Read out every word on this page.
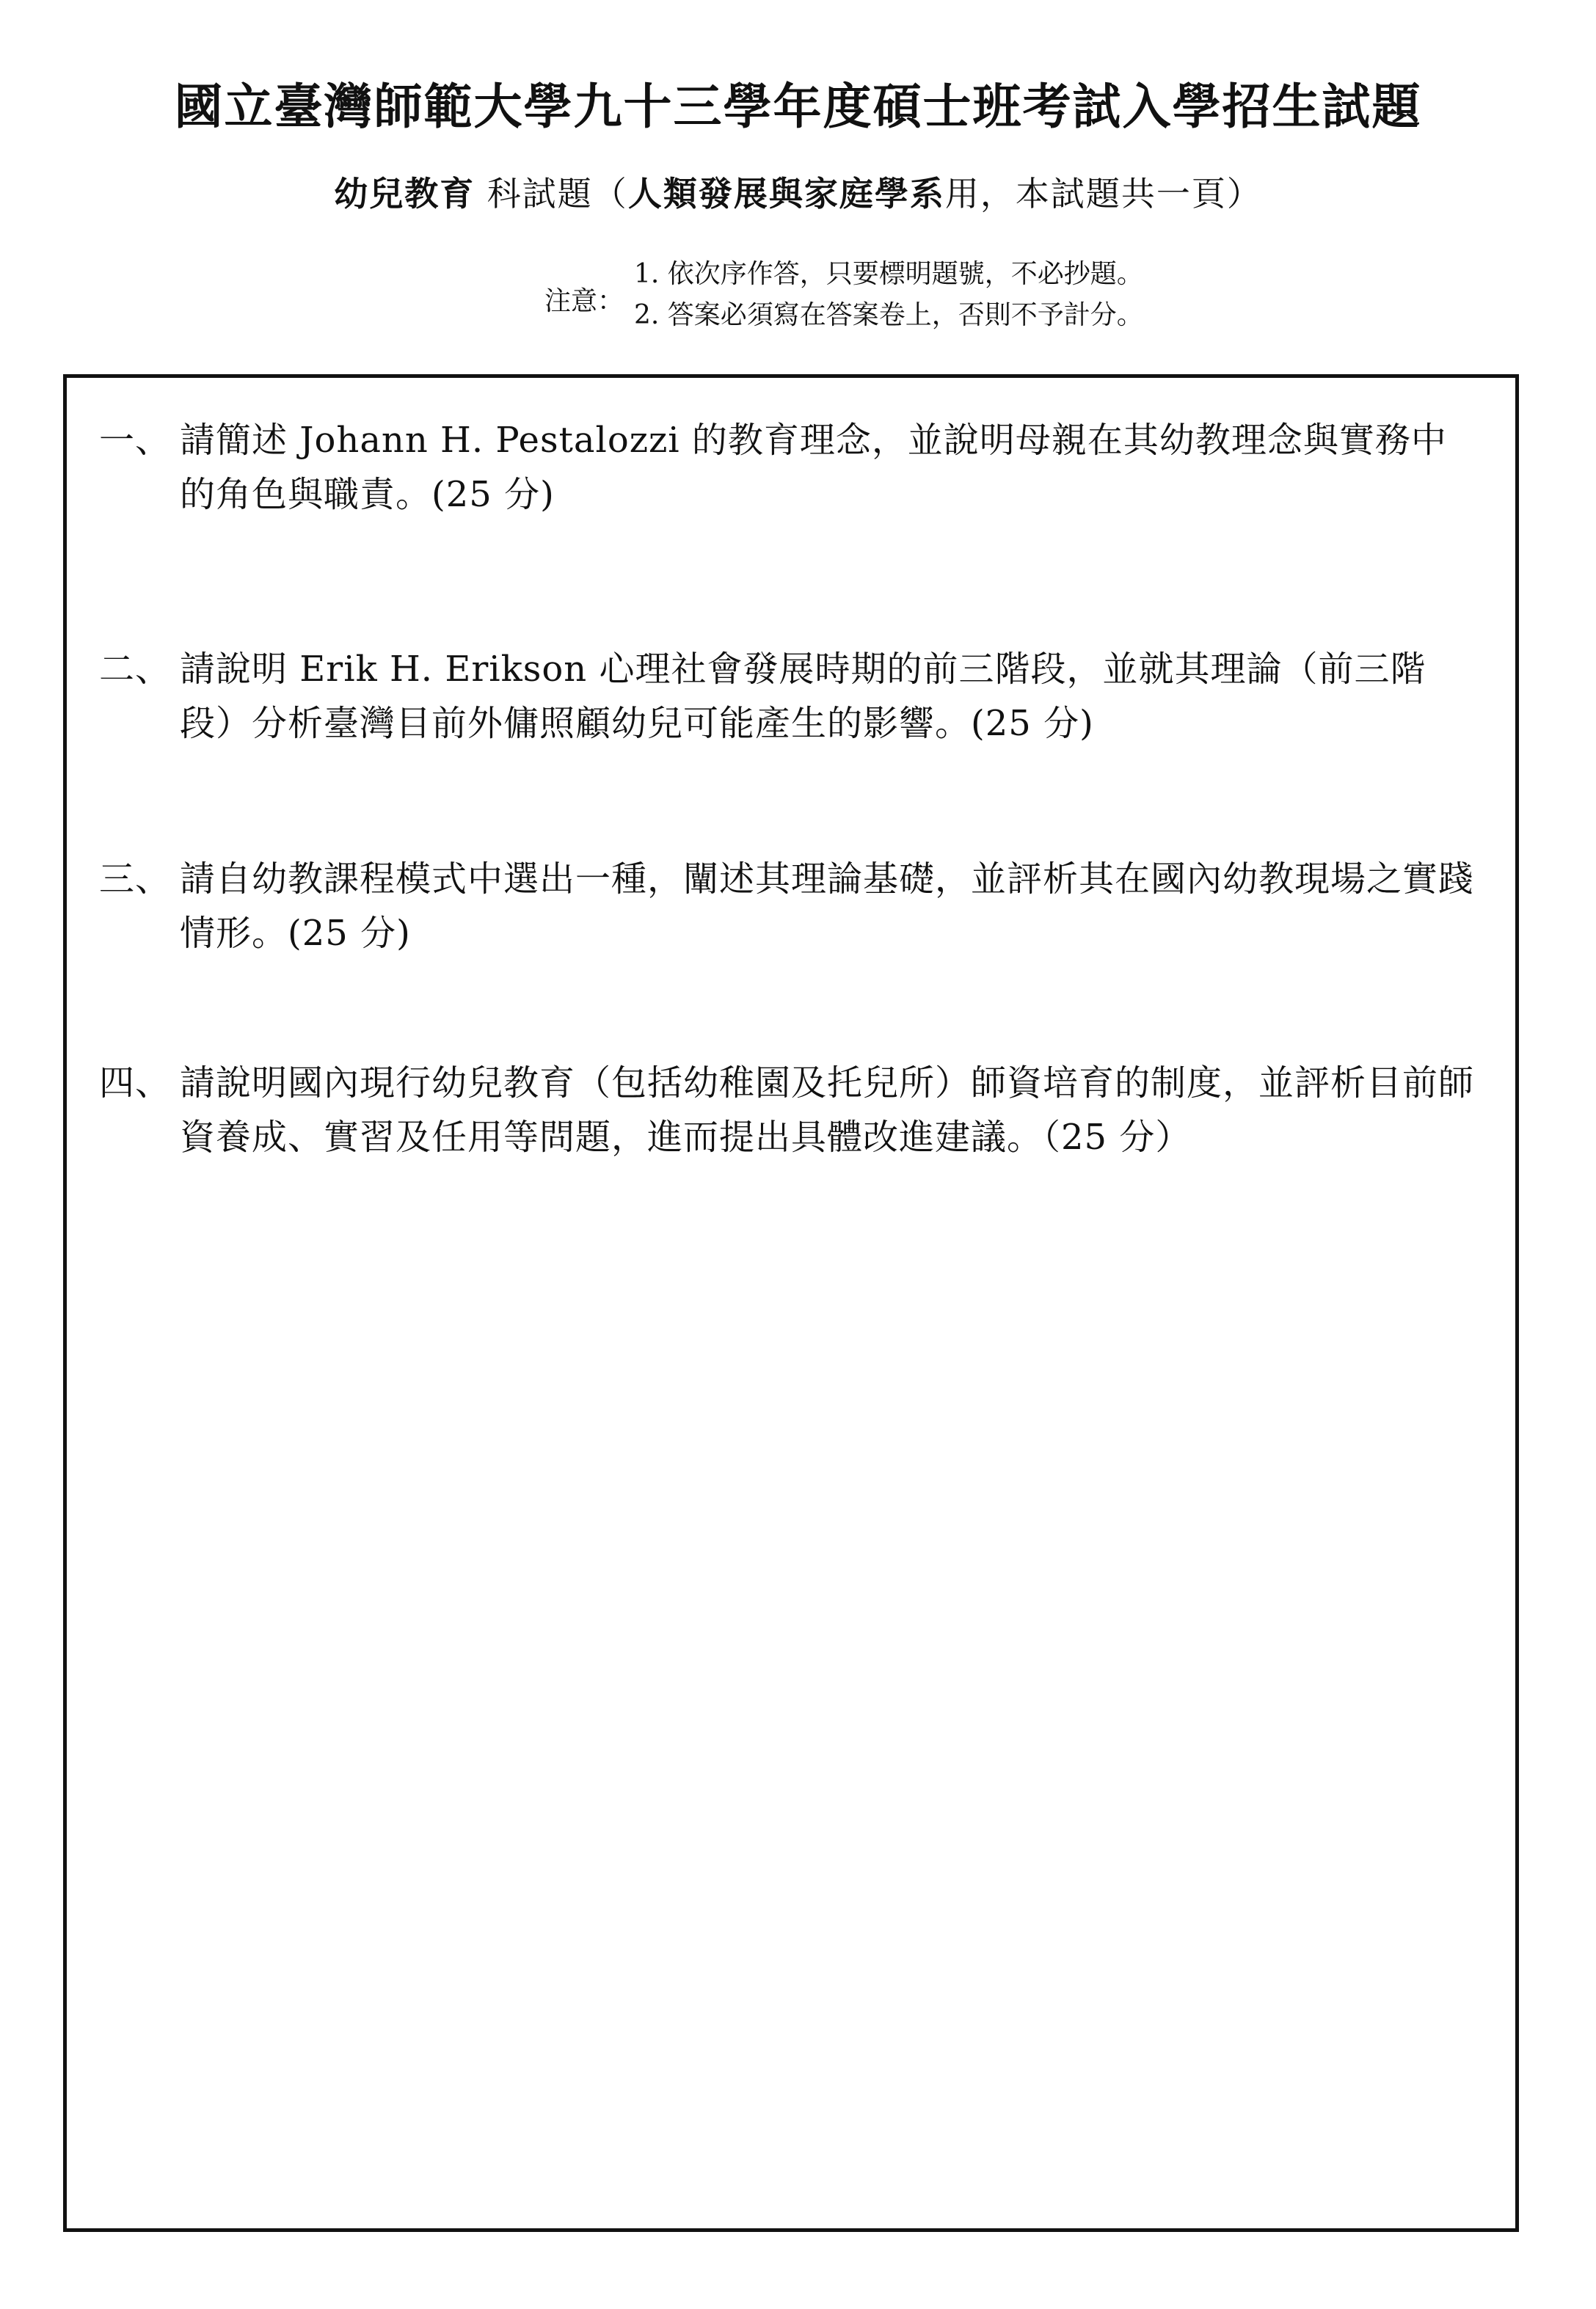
國立臺灣師範大學九十三學年度碩士班考試入學招生試題
幼兒教育 科試題（人類發展與家庭學系用，本試題共一頁）
注意：
1. 依次序作答，只要標明題號，不必抄題。
2. 答案必須寫在答案卷上，否則不予計分。
一、 請簡述 Johann H. Pestalozzi 的教育理念，並說明母親在其幼教理念與實務中的角色與職責。(25 分)
二、 請說明 Erik H. Erikson 心理社會發展時期的前三階段，並就其理論（前三階段）分析臺灣目前外傭照顧幼兒可能產生的影響。(25 分)
三、 請自幼教課程模式中選出一種，闡述其理論基礎，並評析其在國內幼教現場之實踐情形。(25 分)
四、 請說明國內現行幼兒教育（包括幼稚園及托兒所）師資培育的制度，並評析目前師資養成、實習及任用等問題，進而提出具體改進建議。（25 分）
